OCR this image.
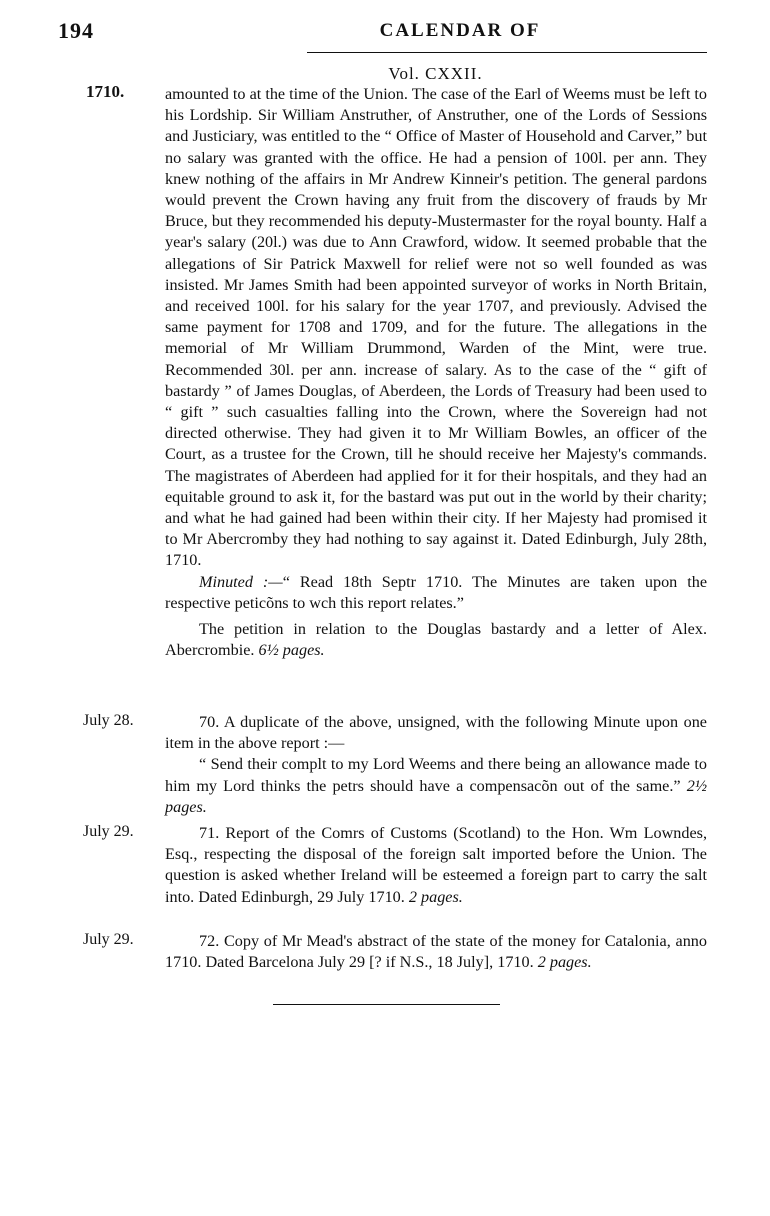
194	CALENDAR OF
1710.
Vol. CXXII.

amounted to at the time of the Union. The case of the Earl of Weems must be left to his Lordship. Sir William Anstruther, of Anstruther, one of the Lords of Sessions and Justiciary, was entitled to the “ Office of Master of Household and Carver,” but no salary was granted with the office. He had a pension of 100l. per ann. They knew nothing of the affairs in Mr Andrew Kinneir's petition. The general pardons would prevent the Crown having any fruit from the discovery of frauds by Mr Bruce, but they recommended his deputy-Mustermaster for the royal bounty. Half a year's salary (20l.) was due to Ann Crawford, widow. It seemed probable that the allegations of Sir Patrick Maxwell for relief were not so well founded as was insisted. Mr James Smith had been appointed surveyor of works in North Britain, and received 100l. for his salary for the year 1707, and previously. Advised the same payment for 1708 and 1709, and for the future. The allegations in the memorial of Mr William Drummond, Warden of the Mint, were true. Recommended 30l. per ann. increase of salary. As to the case of the “ gift of bastardy ” of James Douglas, of Aberdeen, the Lords of Treasury had been used to “ gift ” such casualties falling into the Crown, where the Sovereign had not directed otherwise. They had given it to Mr William Bowles, an officer of the Court, as a trustee for the Crown, till he should receive her Majesty's commands. The magistrates of Aberdeen had applied for it for their hospitals, and they had an equitable ground to ask it, for the bastard was put out in the world by their charity; and what he had gained had been within their city. If her Majesty had promised it to Mr Abercromby they had nothing to say against it. Dated Edinburgh, July 28th, 1710.

Minuted :—“ Read 18th Septr 1710. The Minutes are taken upon the respective peticõns to wch this report relates.”

The petition in relation to the Douglas bastardy and a letter of Alex. Abercrombie. 6½ pages.

July 28.	70. A duplicate of the above, unsigned, with the following Minute upon one item in the above report :—

“ Send their complt to my Lord Weems and there being an allowance made to him my Lord thinks the petrs should have a compensacõn out of the same.” 2½ pages.

July 29.	71. Report of the Comrs of Customs (Scotland) to the Hon. Wm Lowndes, Esq., respecting the disposal of the foreign salt imported before the Union. The question is asked whether Ireland will be esteemed a foreign part to carry the salt into. Dated Edinburgh, 29 July 1710. 2 pages.

July 29.	72. Copy of Mr Mead's abstract of the state of the money for Catalonia, anno 1710. Dated Barcelona July 29 [? if N.S., 18 July], 1710. 2 pages.
